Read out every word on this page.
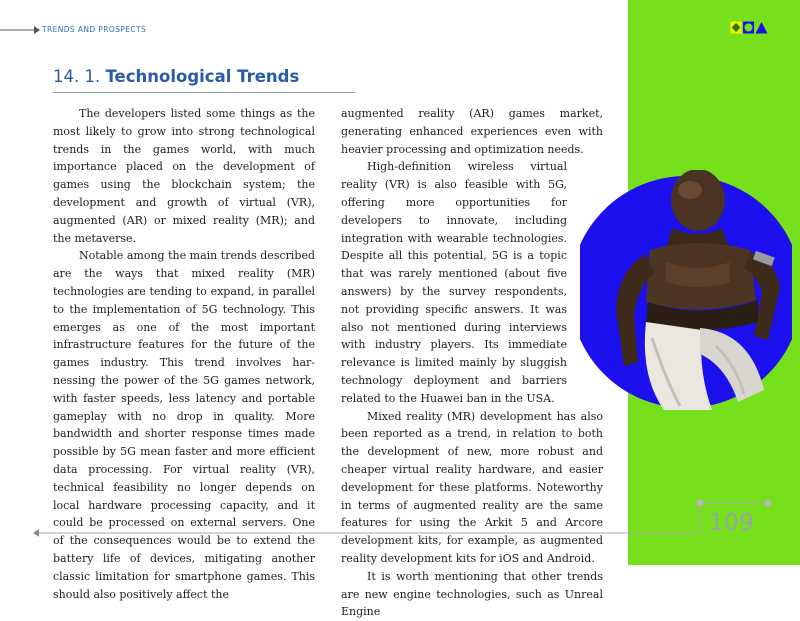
TRENDS AND PROSPECTS
14. 1. Technological Trends

The developers listed some things as the most likely to grow into strong technological trends in the games world, with much importance placed on the development of games using the blockchain system; the development and growth of virtual (VR), augmented (AR) or mixed reality (MR); and the metaverse.

Notable among the main trends described are the ways that mixed reality (MR) technologies are tending to expand, in parallel to the implementation of 5G technology. This emerges as one of the most important infrastructure features for the future of the games industry. This trend involves harnessing the power of the 5G games network, with faster speeds, less latency and portable gameplay with no drop in quality. More bandwidth and shorter response times made possible by 5G mean faster and more efficient data processing. For virtual reality (VR), technical feasibility no longer depends on local hardware processing capacity, and it could be processed on external servers. One of the consequences would be to extend the battery life of devices, mitigating another classic limitation for smartphone games. This should also positively affect the

augmented reality (AR) games market, generating enhanced experiences even with heavier processing and optimization needs.

High-definition wireless virtual reality (VR) is also feasible with 5G, offering more opportunities for developers to innovate, including integration with wearable technologies. Despite all this potential, 5G is a topic that was rarely mentioned (about five answers) by the survey respondents, not providing specific answers. It was also not mentioned during interviews with industry players. Its immediate relevance is limited mainly by sluggish technology deployment and barriers related to the Huawei ban in the USA.

Mixed reality (MR) development has also been reported as a trend, in relation to both the development of new, more robust and cheaper virtual reality hardware, and easier development for these platforms. Noteworthy in terms of augmented reality are the same features for using the Arkit 5 and Arcore development kits, for example, as augmented reality development kits for iOS and Android.

It is worth mentioning that other trends are new engine technologies, such as Unreal Engine

109
